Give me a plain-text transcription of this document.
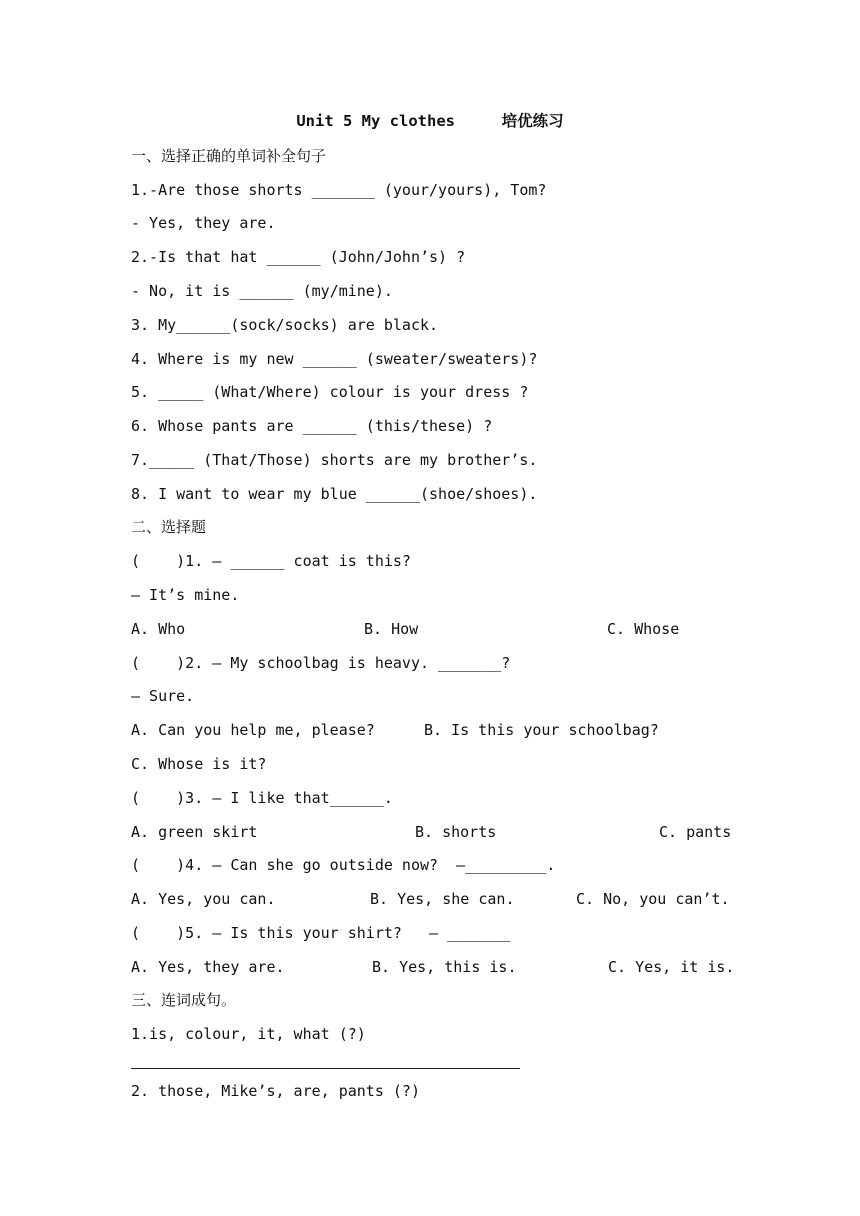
Unit 5 My clothes     培优练习
一、选择正确的单词补全句子
1.-Are those shorts _______ (your/yours), Tom?
- Yes, they are.
2.-Is that hat ______ (John/John’s) ?
- No, it is ______ (my/mine).
3. My______(sock/socks) are black.
4. Where is my new ______ (sweater/sweaters)?
5. _____ (What/Where) colour is your dress ?
6. Whose pants are ______ (this/these) ?
7._____ (That/Those) shorts are my brother’s.
8. I want to wear my blue ______(shoe/shoes).
二、选择题
(    )1. — ______ coat is this?
— It’s mine.
A. Who	B. How	C. Whose
(    )2. — My schoolbag is heavy. _______?
— Sure.
A. Can you help me, please?	B. Is this your schoolbag?
C. Whose is it?
(    )3. — I like that______.
A. green skirt	B. shorts	C. pants
(    )4. — Can she go outside now?  —_________.
A. Yes, you can.	B. Yes, she can.	C. No, you can’t.
(    )5. — Is this your shirt?   — _______
A. Yes, they are.	B. Yes, this is.	C. Yes, it is.
三、连词成句。
1.is, colour, it, what (?)
2. those, Mike’s, are, pants (?)
